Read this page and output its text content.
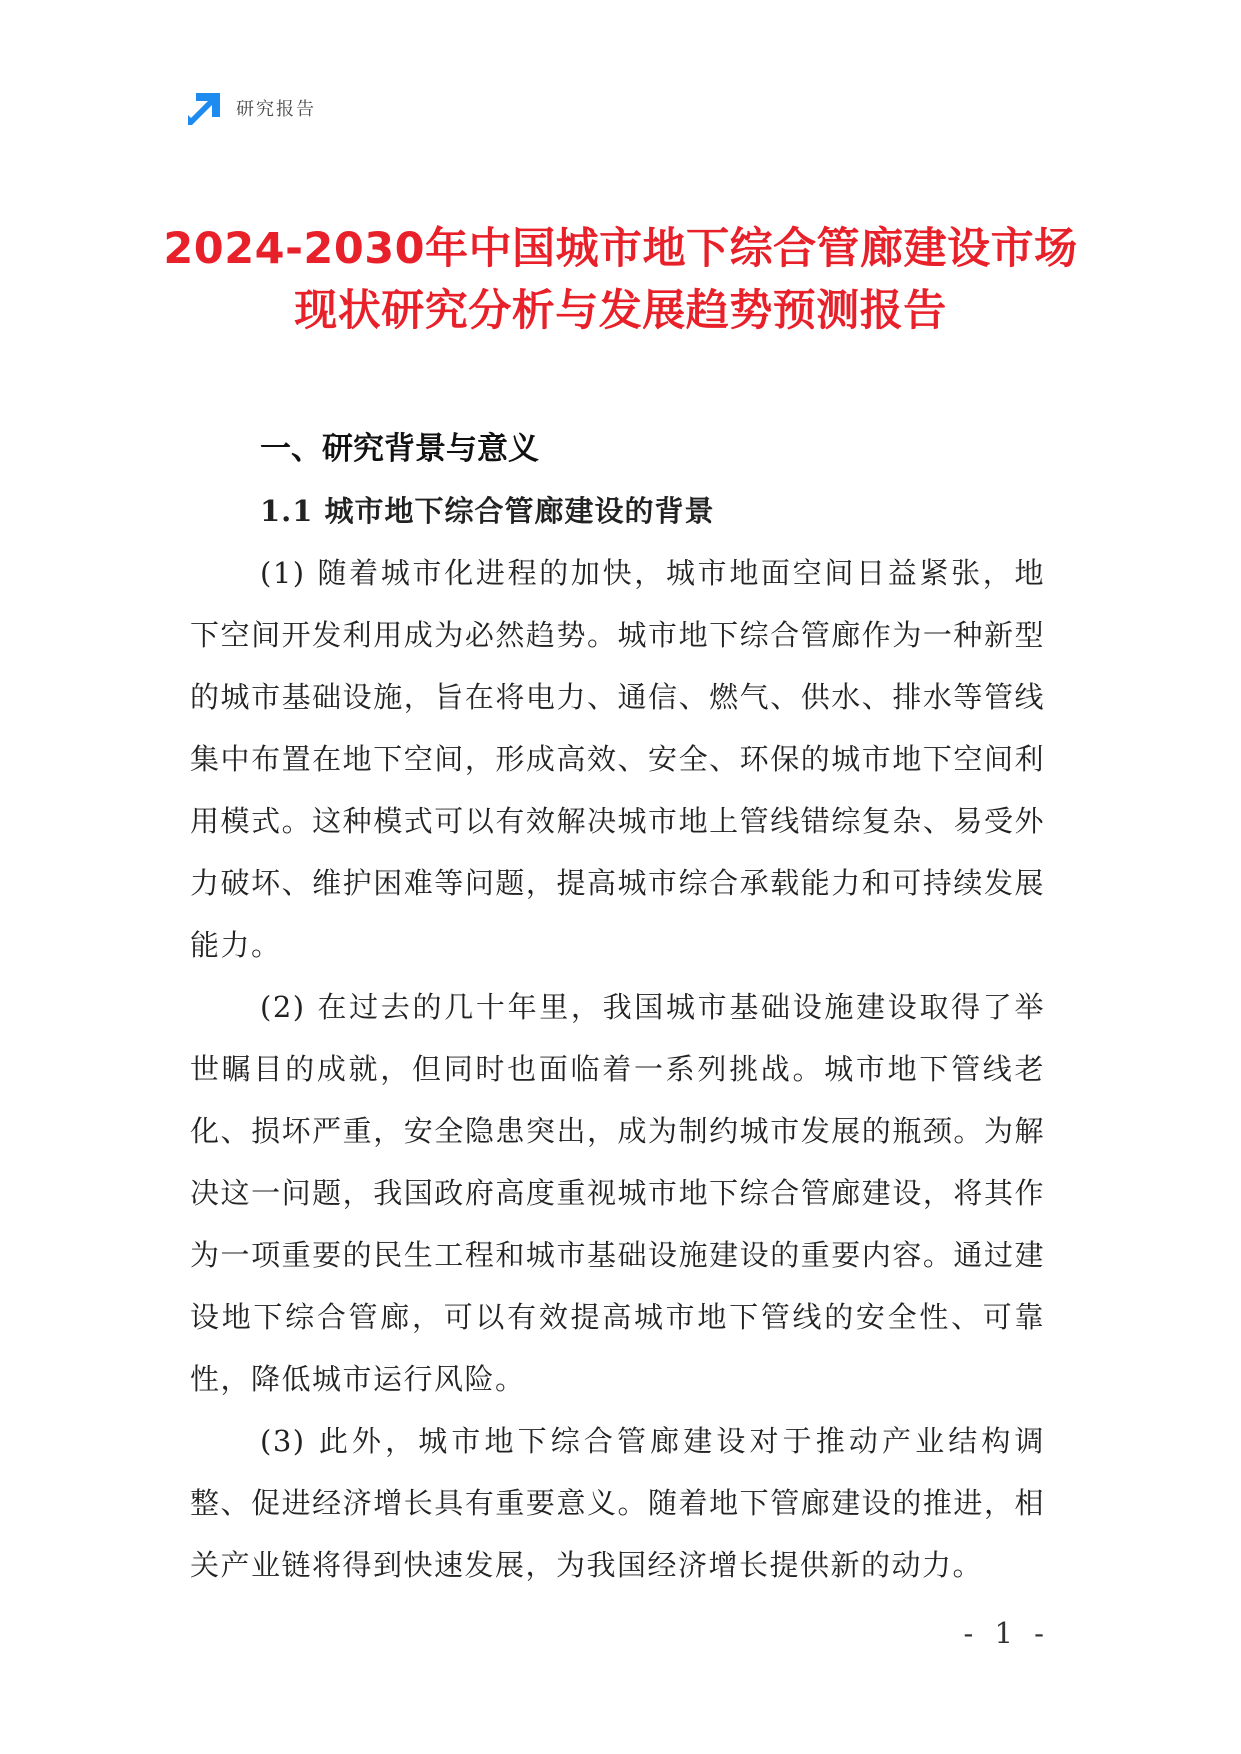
研究报告
2024-2030年中国城市地下综合管廊建设市场现状研究分析与发展趋势预测报告
一、研究背景与意义
1.1 城市地下综合管廊建设的背景

(1) 随着城市化进程的加快，城市地面空间日益紧张，地下空间开发利用成为必然趋势。城市地下综合管廊作为一种新型的城市基础设施，旨在将电力、通信、燃气、供水、排水等管线集中布置在地下空间，形成高效、安全、环保的城市地下空间利用模式。这种模式可以有效解决城市地上管线错综复杂、易受外力破坏、维护困难等问题，提高城市综合承载能力和可持续发展能力。

(2) 在过去的几十年里，我国城市基础设施建设取得了举世瞩目的成就，但同时也面临着一系列挑战。城市地下管线老化、损坏严重，安全隐患突出，成为制约城市发展的瓶颈。为解决这一问题，我国政府高度重视城市地下综合管廊建设，将其作为一项重要的民生工程和城市基础设施建设的重要内容。通过建设地下综合管廊，可以有效提高城市地下管线的安全性、可靠性，降低城市运行风险。

(3) 此外，城市地下综合管廊建设对于推动产业结构调整、促进经济增长具有重要意义。随着地下管廊建设的推进，相关产业链将得到快速发展，为我国经济增长提供新的动力。

- 1 -
